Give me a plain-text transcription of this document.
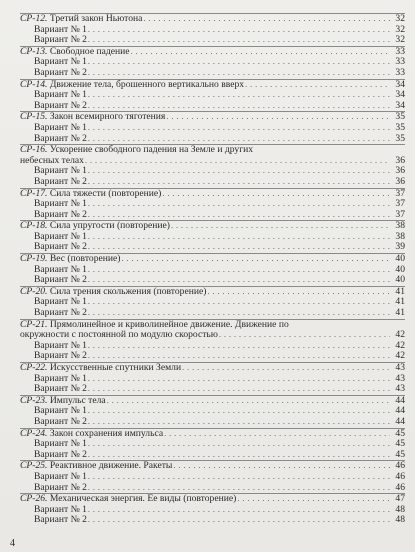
СР-12. Третий закон Ньютона . . .	32
Вариант № 1 . . .	32
Вариант № 2 . . .	32
СР-13. Свободное падение . . .	33
Вариант № 1 . . .	33
Вариант № 2 . . .	33
СР-14. Движение тела, брошенного вертикально вверх . . .	34
Вариант № 1 . . .	34
Вариант № 2 . . .	34
СР-15. Закон всемирного тяготения . . .	35
Вариант № 1 . . .	35
Вариант № 2 . . .	35
СР-16. Ускорение свободного падения на Земле и других
небесных телах . . .	36
Вариант № 1 . . .	36
Вариант № 2 . . .	36
СР-17. Сила тяжести (повторение) . . .	37
Вариант № 1 . . .	37
Вариант № 2 . . .	37
СР-18. Сила упругости (повторение) . . .	38
Вариант № 1 . . .	38
Вариант № 2 . . .	39
СР-19. Вес (повторение) . . .	40
Вариант № 1 . . .	40
Вариант № 2 . . .	40
СР-20. Сила трения скольжения (повторение) . . .	41
Вариант № 1 . . .	41
Вариант № 2 . . .	41
СР-21. Прямолинейное и криволинейное движение. Движение по
окружности с постоянной по модулю скоростью . . .	42
Вариант № 1 . . .	42
Вариант № 2 . . .	42
СР-22. Искусственные спутники Земли . . .	43
Вариант № 1 . . .	43
Вариант № 2 . . .	43
СР-23. Импульс тела . . .	44
Вариант № 1 . . .	44
Вариант № 2 . . .	44
СР-24. Закон сохранения импульса . . .	45
Вариант № 1 . . .	45
Вариант № 2 . . .	45
СР-25. Реактивное движение. Ракеты . . .	46
Вариант № 1 . . .	46
Вариант № 2 . . .	46
СР-26. Механическая энергия. Ее виды (повторение) . . .	47
Вариант № 1 . . .	48
Вариант № 2 . . .	48
4
